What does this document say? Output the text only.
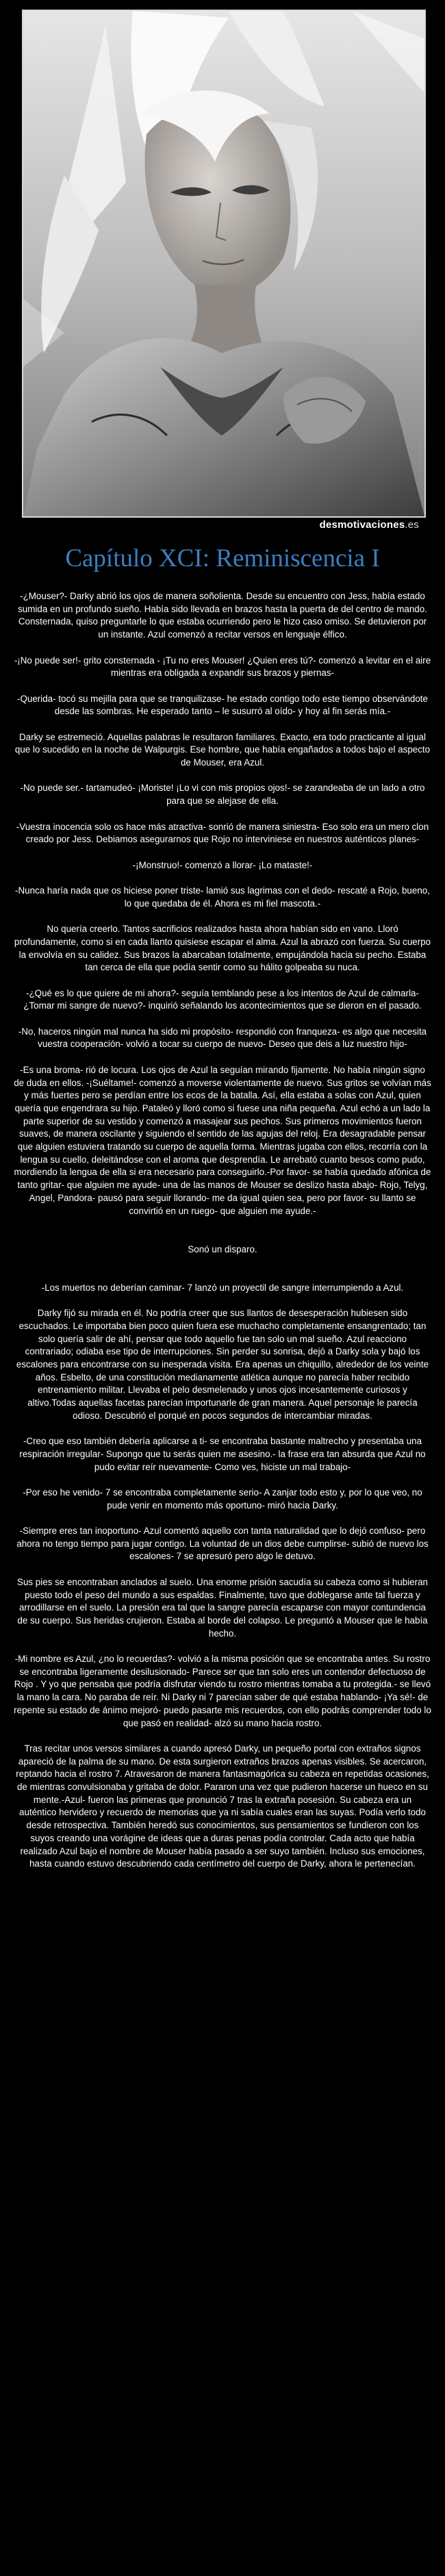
desmotivaciones.es
Capítulo XCI: Reminiscencia I

-¿Mouser?- Darky abrió los ojos de manera soñolienta. Desde su encuentro con Jess, había estado sumida en un profundo sueño. Había sido llevada en brazos hasta la puerta de del centro de mando. Consternada, quiso preguntarle lo que estaba ocurriendo pero le hizo caso omiso. Se detuvieron por un instante. Azul comenzó a recitar versos en lenguaje élfico.

-¡No puede ser!- grito consternada - ¡Tu no eres Mouser! ¿Quien eres tú?- comenzó a levitar en el aire mientras era obligada a expandir sus brazos y piernas-

-Querida- tocó su mejilla para que se tranquilizase- he estado contigo todo este tiempo observándote desde las sombras. He esperado tanto – le susurró al oído- y hoy al fin serás mía.-

Darky se estremeció. Aquellas palabras le resultaron familiares. Exacto, era todo practicante al igual que lo sucedido en la noche de Walpurgis. Ese hombre, que había engañados a todos bajo el aspecto de Mouser, era Azul.

-No puede ser.- tartamudeó- ¡Moriste! ¡Lo vi con mis propios ojos!- se zarandeaba de un lado a otro para que se alejase de ella.

-Vuestra inocencia solo os hace más atractiva- sonrió de manera siniestra- Eso solo era un mero clon creado por Jess. Debiamos asegurarnos que Rojo no interviniese en nuestros auténticos planes-

-¡Monstruo!- comenzó a llorar- ¡Lo mataste!-

-Nunca haría nada que os hiciese poner triste- lamió sus lagrimas con el dedo- rescaté a Rojo, bueno, lo que quedaba de él. Ahora es mi fiel mascota.-

No quería creerlo. Tantos sacrificios realizados hasta ahora habían sido en vano. Lloró profundamente, como si en cada llanto quisiese escapar el alma. Azul la abrazó con fuerza. Su cuerpo la envolvía en su calidez. Sus brazos la abarcaban totalmente, empujándola hacia su pecho. Estaba tan cerca de ella que podía sentir como su hálito golpeaba su nuca.

-¿Qué es lo que quiere de mi ahora?- seguía temblando pese a los intentos de Azul de calmarla-¿Tomar mi sangre de nuevo?- inquirió señalando los acontecimientos que se dieron en el pasado.

-No, haceros ningún mal nunca ha sido mi propósito- respondió con franqueza- es algo que necesita vuestra cooperación- volvió a tocar su cuerpo de nuevo- Deseo que deis a luz nuestro hijo-

-Es una broma- rió de locura. Los ojos de Azul la seguían mirando fijamente. No había ningún signo de duda en ellos. -¡Suéltame!- comenzó a moverse violentamente de nuevo. Sus gritos se volvían más y más fuertes pero se perdían entre los ecos de la batalla. Así, ella estaba a solas con Azul, quien quería que engendrara su hijo. Pataleó y lloró como si fuese una niña pequeña. Azul echó a un lado la parte superior de su vestido y comenzó a masajear sus pechos. Sus primeros movimientos fueron suaves, de manera oscilante y siguiendo el sentido de las agujas del reloj. Era desagradable pensar que alguien estuviera tratando su cuerpo de aquella forma. Mientras jugaba con ellos, recorría con la lengua su cuello, deleitándose con el aroma que desprendía. Le arrebató cuanto besos como pudo, mordiendo la lengua de ella si era necesario para conseguirlo.-Por favor- se había quedado afónica de tanto gritar- que alguien me ayude- una de las manos de Mouser se deslizo hasta abajo- Rojo, Telyg, Angel, Pandora- pausó para seguir llorando- me da igual quien sea, pero por favor- su llanto se convirtió en un ruego- que alguien me ayude.-

Sonó un disparo.

-Los muertos no deberían caminar- 7 lanzó un proyectil de sangre interrumpiendo a Azul.

Darky fijó su mirada en él. No podría creer que sus llantos de desesperación hubiesen sido escuchados. Le importaba bien poco quien fuera ese muchacho completamente ensangrentado; tan solo quería salir de ahí, pensar que todo aquello fue tan solo un mal sueño. Azul reacciono contrariado; odiaba ese tipo de interrupciones. Sin perder su sonrisa, dejó a Darky sola y bajó los escalones para encontrarse con su inesperada visita. Era apenas un chiquillo, alrededor de los veinte años. Esbelto, de una constitución medianamente atlética aunque no parecía haber recibido entrenamiento militar. Llevaba el pelo desmelenado y unos ojos incesantemente curiosos y altivo.Todas aquellas facetas parecían importunarle de gran manera. Aquel personaje le parecía odioso. Descubrió el porqué en pocos segundos de intercambiar miradas.

-Creo que eso también debería aplicarse a ti- se encontraba bastante maltrecho y presentaba una respiración irregular- Supongo que tu serás quien me asesino.- la frase era tan absurda que Azul no pudo evitar reír nuevamente- Como ves, hiciste un mal trabajo-

-Por eso he venido- 7 se encontraba completamente serio- A zanjar todo esto y, por lo que veo, no pude venir en momento más oportuno- miró hacia Darky.

-Siempre eres tan inoportuno- Azul comentó aquello con tanta naturalidad que lo dejó confuso- pero ahora no tengo tiempo para jugar contigo. La voluntad de un dios debe cumplirse- subió de nuevo los escalones- 7 se apresuró pero algo le detuvo.

Sus pies se encontraban anclados al suelo. Una enorme prisión sacudía su cabeza como si hubieran puesto todo el peso del mundo a sus espaldas. Finalmente, tuvo que doblegarse ante tal fuerza y arrodillarse en el suelo. La presión era tal que la sangre parecía escaparse con mayor contundencia de su cuerpo. Sus heridas crujieron. Estaba al borde del colapso. Le preguntó a Mouser que le había hecho.

-Mi nombre es Azul, ¿no lo recuerdas?- volvió a la misma posición que se encontraba antes. Su rostro se encontraba ligeramente desilusionado- Parece ser que tan solo eres un contendor defectuoso de Rojo . Y yo que pensaba que podría disfrutar viendo tu rostro mientras tomaba a tu protegida.- se llevó la mano la cara. No paraba de reír. Ni Darky ni 7 parecían saber de qué estaba hablando- ¡Ya sé!- de repente su estado de ánimo mejoró- puedo pasarte mis recuerdos, con ello podrás comprender todo lo que pasó en realidad- alzó su mano hacia rostro.

Tras recitar unos versos similares a cuando apresó Darky, un pequeño portal con extraños signos apareció de la palma de su mano. De esta surgieron extraños brazos apenas visibles. Se acercaron, reptando hacia el rostro 7. Atravesaron de manera fantasmagórica su cabeza en repetidas ocasiones, de mientras convulsionaba y gritaba de dolor. Pararon una vez que pudieron hacerse un hueco en su mente.-Azul- fueron las primeras que pronunció 7 tras la extraña posesión. Su cabeza era un auténtico hervidero y recuerdo de memorias que ya ni sabía cuales eran las suyas. Podía verlo todo desde retrospectiva. También heredó sus conocimientos, sus pensamientos se fundieron con los suyos creando una vorágine de ideas que a duras penas podía controlar. Cada acto que había realizado Azul bajo el nombre de Mouser había pasado a ser suyo también. Incluso sus emociones, hasta cuando estuvo descubriendo cada centímetro del cuerpo de Darky, ahora le pertenecían.
